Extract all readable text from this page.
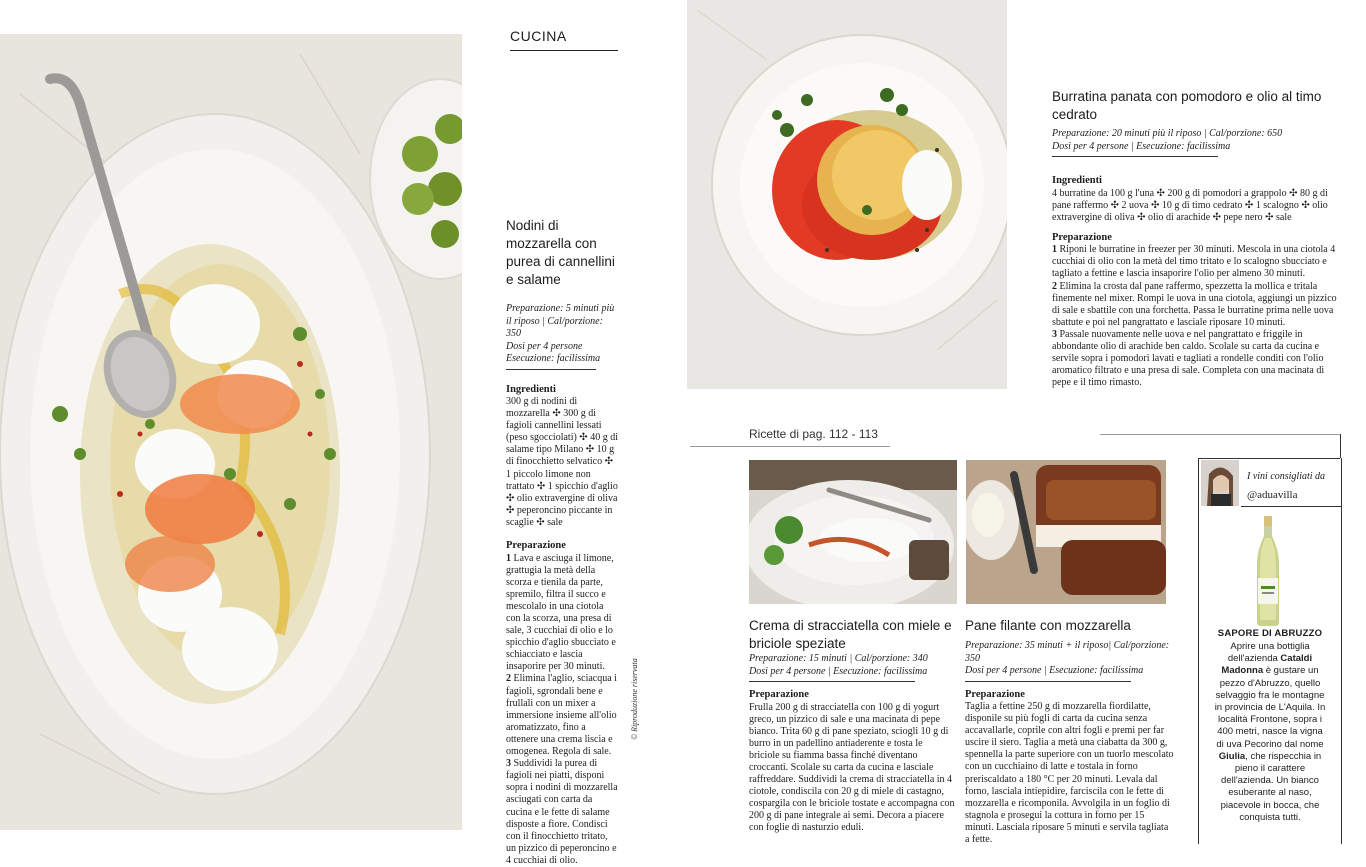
CUCINA

Nodini di mozzarella con purea di cannellini e salame

Preparazione: 5 minuti più il riposo | Cal/porzione: 350

Dosi per 4 persone

Esecuzione: facilissima

Ingredienti

300 g di nodini di mozzarella ✣ 300 g di fagioli cannellini lessati (peso sgocciolati) ✣ 40 g di salame tipo Milano ✣ 10 g di finocchietto selvatico ✣ 1 piccolo limone non trattato ✣ 1 spicchio d'aglio ✣ olio extravergine di oliva ✣ peperoncino piccante in scaglie ✣ sale

Preparazione

1 Lava e asciuga il limone, grattugia la metà della scorza e tienila da parte, spremilo, filtra il succo e mescolalo in una ciotola con la scorza, una presa di sale, 3 cucchiai di olio e lo spicchio d'aglio sbucciato e schiacciato e lascia insaporire per 30 minuti.

2 Elimina l'aglio, sciacqua i fagioli, sgrondali bene e frullali con un mixer a immersione insieme all'olio aromatizzato, fino a ottenere una crema liscia e omogenea. Regola di sale.

3 Suddividi la purea di fagioli nei piatti, disponi sopra i nodini di mozzarella asciugati con carta da cucina e le fette di salame disposte a fiore. Condisci con il finocchietto tritato, un pizzico di peperoncino e 4 cucchiai di olio.

© Riproduzione riservata

Burratina panata con pomodoro e olio al timo cedrato

Preparazione: 20 minuti più il riposo | Cal/porzione: 650

Dosi per 4 persone | Esecuzione: facilissima

Ingredienti

4 burratine da 100 g l'una ✣ 200 g di pomodori a grappolo ✣ 80 g di pane raffermo ✣ 2 uova ✣ 10 g di timo cedrato ✣ 1 scalogno ✣ olio extravergine di oliva ✣ olio di arachide ✣ pepe nero ✣ sale

Preparazione

1 Riponi le burratine in freezer per 30 minuti. Mescola in una ciotola 4 cucchiai di olio con la metà del timo tritato e lo scalogno sbucciato e tagliato a fettine e lascia insaporire l'olio per almeno 30 minuti.

2 Elimina la crosta dal pane raffermo, spezzetta la mollica e tritala finemente nel mixer. Rompi le uova in una ciotola, aggiungi un pizzico di sale e sbattile con una forchetta. Passa le burratine prima nelle uova sbattute e poi nel pangrattato e lasciale riposare 10 minuti.

3 Passale nuovamente nelle uova e nel pangrattato e friggile in abbondante olio di arachide ben caldo. Scolale su carta da cucina e servile sopra i pomodori lavati e tagliati a rondelle conditi con l'olio aromatico filtrato e una presa di sale. Completa con una macinata di pepe e il timo rimasto.

Ricette di pag. 112 - 113

Crema di stracciatella con miele e briciole speziate

Preparazione: 15 minuti | Cal/porzione: 340

Dosi per 4 persone | Esecuzione: facilissima

Preparazione

Frulla 200 g di stracciatella con 100 g di yogurt greco, un pizzico di sale e una macinata di pepe bianco. Trita 60 g di pane speziato, sciogli 10 g di burro in un padellino antiaderente e tosta le briciole su fiamma bassa finché diventano croccanti. Scolale su carta da cucina e lasciale raffreddare. Suddividi la crema di stracciatella in 4 ciotole, condiscila con 20 g di miele di castagno, cospargila con le briciole tostate e accompagna con 200 g di pane integrale ai semi. Decora a piacere con foglie di nasturzio eduli.

Pane filante con mozzarella

Preparazione: 35 minuti + il riposo| Cal/porzione: 350

Dosi per 4 persone | Esecuzione: facilissima

Preparazione

Taglia a fettine 250 g di mozzarella fiordilatte, disponile su più fogli di carta da cucina senza accavallarle, coprile con altri fogli e premi per far uscire il siero. Taglia a metà una ciabatta da 300 g, spennella la parte superiore con un tuorlo mescolato con un cucchiaino di latte e tostala in forno preriscaldato a 180 °C per 20 minuti. Levala dal forno, lasciala intiepidire, farciscila con le fette di mozzarella e ricomponila. Avvolgila in un foglio di stagnola e prosegui la cottura in forno per 15 minuti. Lasciala riposare 5 minuti e servila tagliata a fette.

I vini consigliati da
@aduavilla
SAPORE DI ABRUZZO
Aprire una bottiglia dell'azienda Cataldi Madonna è gustare un pezzo d'Abruzzo, quello selvaggio fra le montagne in provincia de L'Aquila. In località Frontone, sopra i 400 metri, nasce la vigna di uva Pecorino dal nome Giulia, che rispecchia in pieno il carattere dell'azienda. Un bianco esuberante al naso, piacevole in bocca, che conquista tutti.
